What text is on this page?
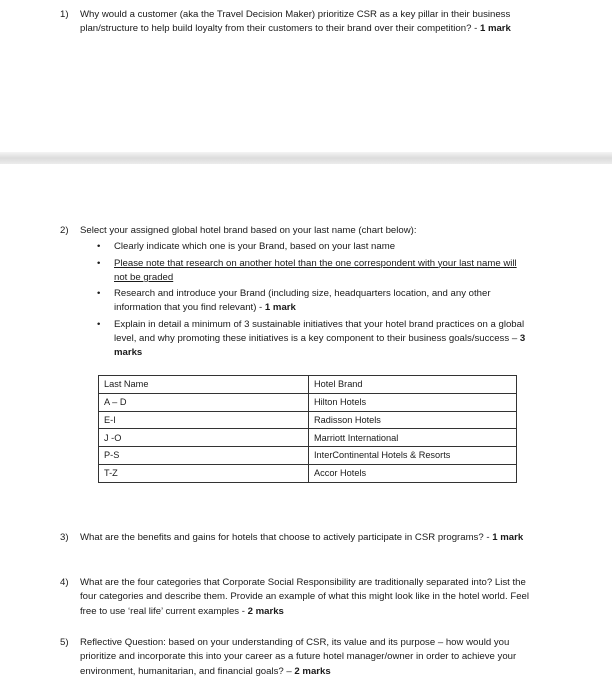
1) Why would a customer (aka the Travel Decision Maker) prioritize CSR as a key pillar in their business plan/structure to help build loyalty from their customers to their brand over their competition? - 1 mark
2) Select your assigned global hotel brand based on your last name (chart below):
• Clearly indicate which one is your Brand, based on your last name
• Please note that research on another hotel than the one correspondent with your last name will not be graded
• Research and introduce your Brand (including size, headquarters location, and any other information that you find relevant) - 1 mark
• Explain in detail a minimum of 3 sustainable initiatives that your hotel brand practices on a global level, and why promoting these initiatives is a key component to their business goals/success – 3 marks
Last Name	Hotel Brand
A – D	Hilton Hotels
E-I	Radisson Hotels
J -O	Marriott International
P-S	InterContinental Hotels & Resorts
T-Z	Accor Hotels
3) What are the benefits and gains for hotels that choose to actively participate in CSR programs? - 1 mark
4) What are the four categories that Corporate Social Responsibility are traditionally separated into? List the four categories and describe them. Provide an example of what this might look like in the hotel world. Feel free to use ‘real life’ current examples - 2 marks
5) Reflective Question: based on your understanding of CSR, its value and its purpose – how would you prioritize and incorporate this into your career as a future hotel manager/owner in order to achieve your environment, humanitarian, and financial goals? – 2 marks
